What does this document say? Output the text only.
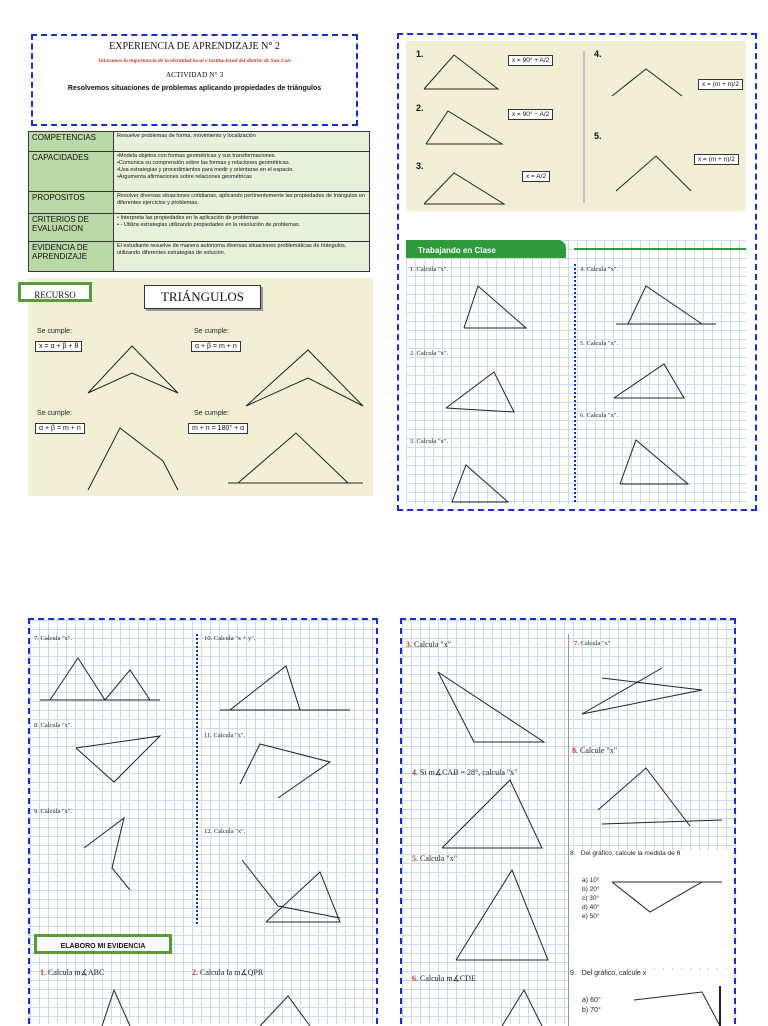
EXPERIENCIA DE APRENDIZAJE N° 2
Valoramos la importancia de la identidad local e institucional del distrito de San Luis
ACTIVIDAD N° 3
Resolvemos situaciones de problemas aplicando propiedades de triángulos
COMPETENCIAS	Resuelve problemas de forma, movimiento y localización
CAPACIDADES	•Modela objetos con formas geométricas y sus transformaciones.
•Comunica su comprensión sobre las formas y relaciones geométricas.
•Usa estrategias y procedimientos para medir y orientarse en el espacio.
•Argumenta afirmaciones sobre relaciones geométricas
PROPOSITOS	Resolver diversas situaciones cotidianas, aplicando pertinentemente las propiedades de triángulos en diferentes ejercicios y problemas.
CRITERIOS DE EVALUACION	• Interpreta las propiedades en la aplicación de problemas
• - Utiliza estrategias utilizando propiedades en la resolución de problemas.
EVIDENCIA DE APRENDIZAJE	El estudiante resuelve de manera autónoma diversas situaciones problemáticas de triángulos, utilizando diferentes estrategias de solución.
RECURSO	TRIÁNGULOS
Se cumple:
x = α + β + θ
Se cumple:
α + β = m + n
Se cumple:
α + β = m + n
Se cumple:
m + n = 180° + α
1.
2.
3.
4.
5.
x = 90° + A/2
x = 90° − A/2
x = A/2
x = (m + n)/2
x = (m + n)/2
Trabajando en Clase
1. Calcula "x".
2. Calcula "x".
3. Calcula "x".
4. Calcula "x".
5. Calcula "x".
6. Calcula "x".
7. Calcula "x".
8. Calcula "x".
9. Calcula "x".
10. Calcula "x + y".
11. Calcula "x".
12. Calcula "x".
ELABORO MI EVIDENCIA
1. Calcula m∡ABC	2. Calcula la m∡QPR
3. Calcula "x"
4. Si m∡CAB = 28°, calcula "x"
5. Calcula "x"
6. Calcula m∡CDE
7. Calcula "x"
8. Calcule "x"
8.   Del gráfico, calcule la medida de θ
a) 10°
b) 20°
c) 30°
d) 40°
e) 50°
9.   Del gráfico, calcule x
a) 60°
b) 70°
